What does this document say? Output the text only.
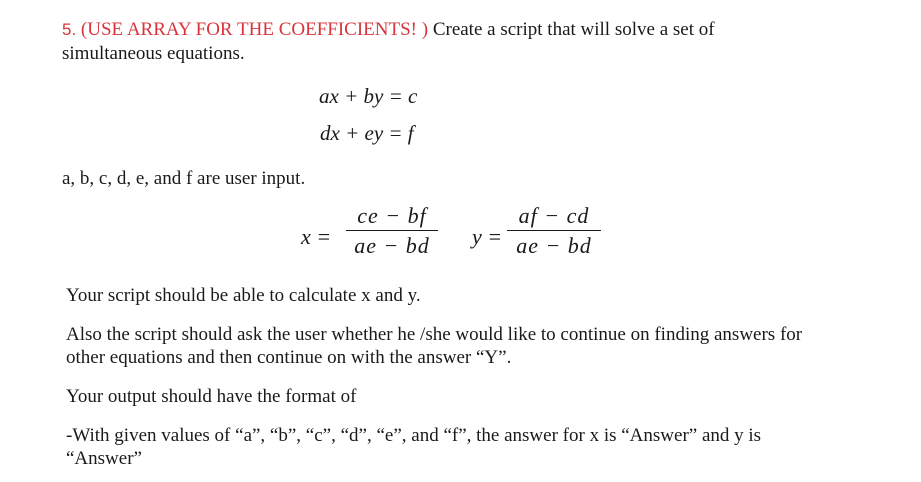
5. (USE ARRAY FOR THE COEFFICIENTS! ) Create a script that will solve a set of
simultaneous equations.
ax + by = c
dx + ey = f
a, b, c, d, e, and f are user input.
x =
ce − bf
ae − bd	y =
af − cd
ae − bd
Your script should be able to calculate x and y.
Also the script should ask the user whether he /she would like to continue on finding answers for
other equations and then continue on with the answer “Y”.
Your output should have the format of
-With given values of “a”, “b”, “c”, “d”, “e”, and “f”, the answer for x is “Answer” and y is
“Answer”
